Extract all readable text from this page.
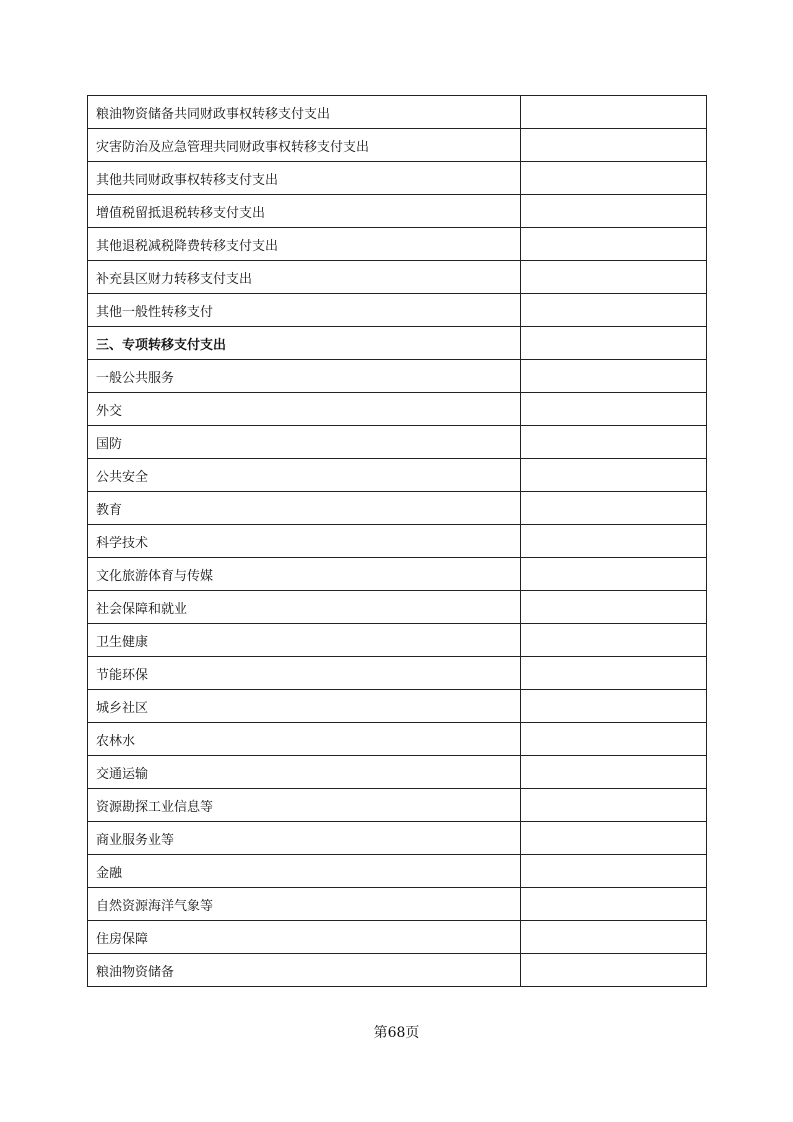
粮油物资储备共同财政事权转移支付支出	
灾害防治及应急管理共同财政事权转移支付支出	
其他共同财政事权转移支付支出	
增值税留抵退税转移支付支出	
其他退税减税降费转移支付支出	
补充县区财力转移支付支出	
其他一般性转移支付	
三、专项转移支付支出	
一般公共服务	
外交	
国防	
公共安全	
教育	
科学技术	
文化旅游体育与传媒	
社会保障和就业	
卫生健康	
节能环保	
城乡社区	
农林水	
交通运输	
资源勘探工业信息等	
商业服务业等	
金融	
自然资源海洋气象等	
住房保障	
粮油物资储备	
第68页
